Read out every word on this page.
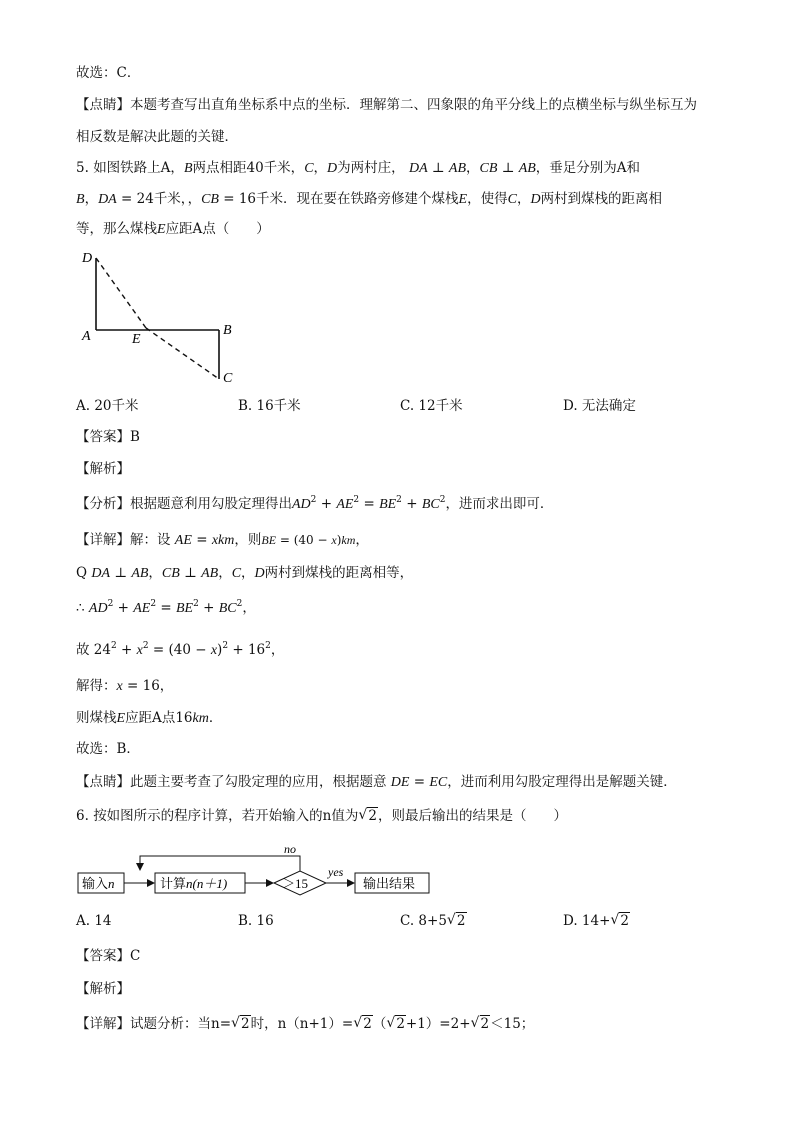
故选：C．
【点睛】本题考查写出直角坐标系中点的坐标．理解第二、四象限的角平分线上的点横坐标与纵坐标互为
相反数是解决此题的关键．
5. 如图铁路上A，B两点相距40千米，C，D为两村庄， DA ⊥ AB，CB ⊥ AB，垂足分别为A和
B，DA = 24千米，，CB = 16千米．现在要在铁路旁修建个煤栈E，使得C，D两村到煤栈的距离相
等，那么煤栈E应距A点（　　）
D
A	E
B
C
A. 20千米	B. 16千米	C. 12千米	D. 无法确定
【答案】B
【解析】
【分析】根据题意利用勾股定理得出$AD^2 + AE^2 = BE^2 + BC^2$，进而求出即可．
【详解】解：设 AE = xkm，则BE = (40 − x)km，
Q DA ⊥ AB，CB ⊥ AB，C，D两村到煤栈的距离相等，
∴ $AD^2 + AE^2 = BE^2 + BC^2$，
故 $24^2 + x^2 = (40 - x)^2 + 16^2$，
解得：x = 16，
则煤栈E应距A点16km．
故选：B．
【点睛】此题主要考查了勾股定理的应用，根据题意 DE = EC，进而利用勾股定理得出是解题关键．
6. 按如图所示的程序计算，若开始输入的n值为 √ 2，则最后输出的结果是（　　）
输入n	计算n(n＋1)	＞15
no
yes
输出结果
A. 14	B. 16	C. 8+5 √ 2	D. 14+ √ 2
【答案】C
【解析】
【详解】试题分析：当n= √ 2时，n（n+1）= √ 2（ √ 2+1）=2+ √ 2＜15；
